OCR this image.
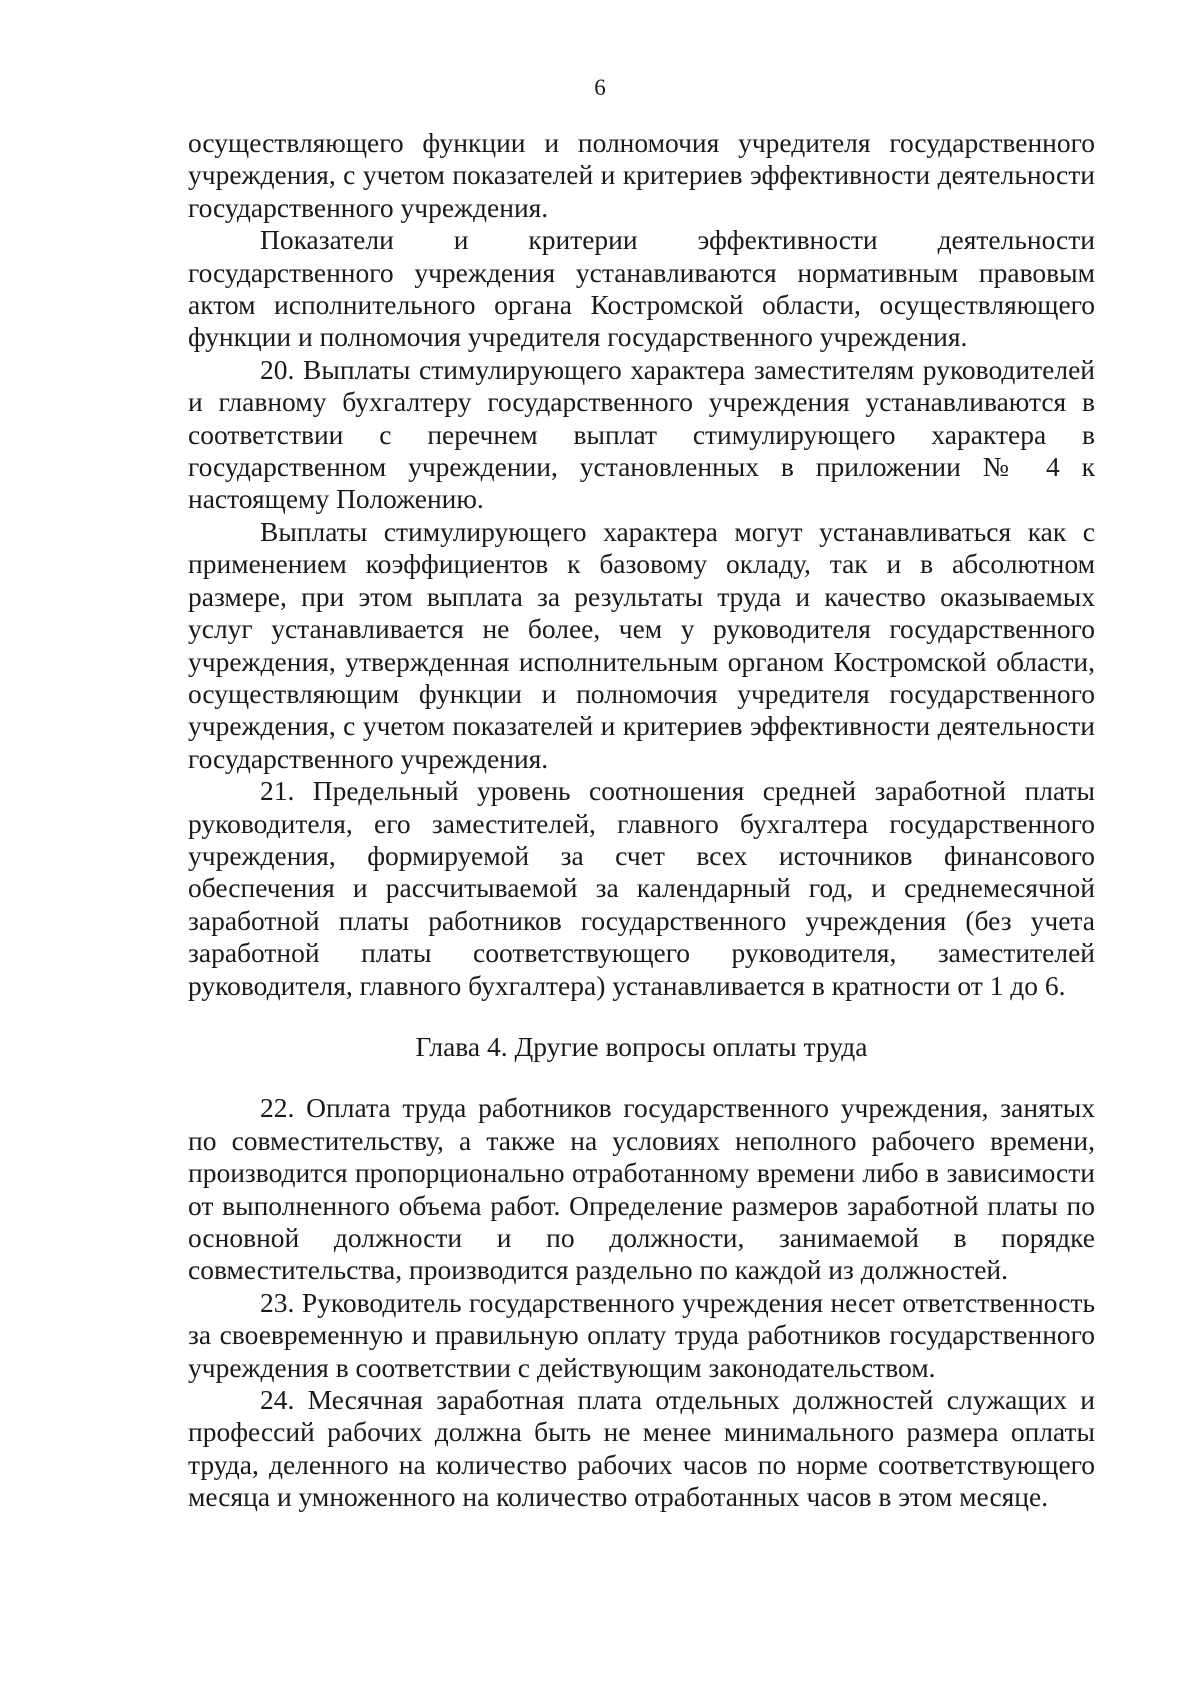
6

осуществляющего функции и полномочия учредителя государственного учреждения, с учетом показателей и критериев эффективности деятельности государственного учреждения.

Показатели и критерии эффективности деятельности государственного учреждения устанавливаются нормативным правовым актом исполнительного органа Костромской области, осуществляющего функции и полномочия учредителя государственного учреждения.

20. Выплаты стимулирующего характера заместителям руководителей и главному бухгалтеру государственного учреждения устанавливаются в соответствии с перечнем выплат стимулирующего характера в государственном учреждении, установленных в приложении № 4 к настоящему Положению.

Выплаты стимулирующего характера могут устанавливаться как с применением коэффициентов к базовому окладу, так и в абсолютном размере, при этом выплата за результаты труда и качество оказываемых услуг устанавливается не более, чем у руководителя государственного учреждения, утвержденная исполнительным органом Костромской области, осуществляющим функции и полномочия учредителя государственного учреждения, с учетом показателей и критериев эффективности деятельности государственного учреждения.

21. Предельный уровень соотношения средней заработной платы руководителя, его заместителей, главного бухгалтера государственного учреждения, формируемой за счет всех источников финансового обеспечения и рассчитываемой за календарный год, и среднемесячной заработной платы работников государственного учреждения (без учета заработной платы соответствующего руководителя, заместителей руководителя, главного бухгалтера) устанавливается в кратности от 1 до 6.

Глава 4. Другие вопросы оплаты труда

22. Оплата труда работников государственного учреждения, занятых по совместительству, а также на условиях неполного рабочего времени, производится пропорционально отработанному времени либо в зависимости от выполненного объема работ. Определение размеров заработной платы по основной должности и по должности, занимаемой в порядке совместительства, производится раздельно по каждой из должностей.

23. Руководитель государственного учреждения несет ответственность за своевременную и правильную оплату труда работников государственного учреждения в соответствии с действующим законодательством.

24. Месячная заработная плата отдельных должностей служащих и профессий рабочих должна быть не менее минимального размера оплаты труда, деленного на количество рабочих часов по норме соответствующего месяца и умноженного на количество отработанных часов в этом месяце.
